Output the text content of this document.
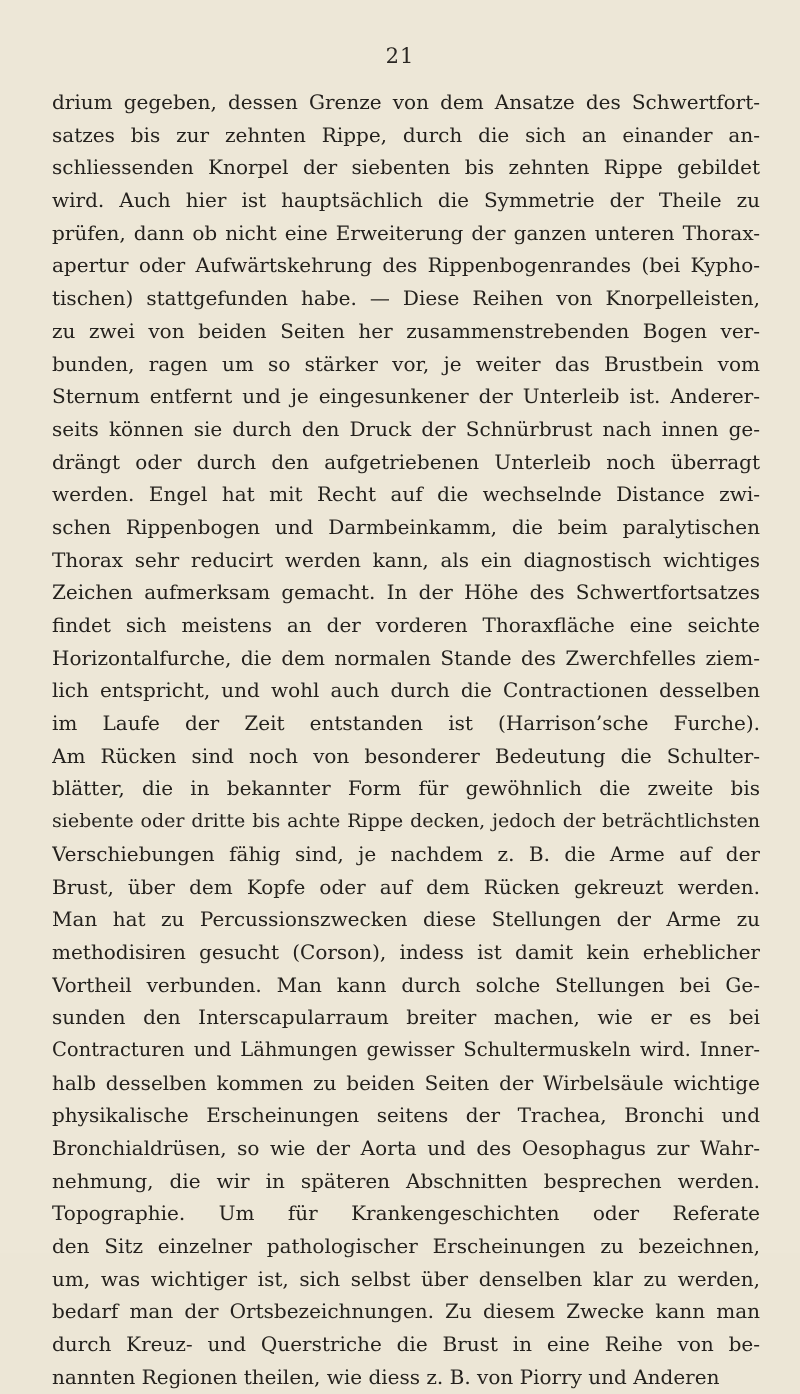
21
drium gegeben, dessen Grenze von dem Ansatze des Schwertfort-
satzes bis zur zehnten Rippe, durch die sich an einander an-
schliessenden Knorpel der siebenten bis zehnten Rippe gebildet
wird. Auch hier ist hauptsächlich die Symmetrie der Theile zu
prüfen, dann ob nicht eine Erweiterung der ganzen unteren Thorax-
apertur oder Aufwärtskehrung des Rippenbogenrandes (bei Kypho-
tischen) stattgefunden habe. — Diese Reihen von Knorpelleisten,
zu zwei von beiden Seiten her zusammenstrebenden Bogen ver-
bunden, ragen um so stärker vor, je weiter das Brustbein vom
Sternum entfernt und je eingesunkener der Unterleib ist. Anderer-
seits können sie durch den Druck der Schnürbrust nach innen ge-
drängt oder durch den aufgetriebenen Unterleib noch überragt
werden. Engel hat mit Recht auf die wechselnde Distance zwi-
schen Rippenbogen und Darmbeinkamm, die beim paralytischen
Thorax sehr reducirt werden kann, als ein diagnostisch wichtiges
Zeichen aufmerksam gemacht. In der Höhe des Schwertfortsatzes
findet sich meistens an der vorderen Thoraxfläche eine seichte
Horizontalfurche, die dem normalen Stande des Zwerchfelles ziem-
lich entspricht, und wohl auch durch die Contractionen desselben
im Laufe der Zeit entstanden ist (Harrison’sche Furche).
Am Rücken sind noch von besonderer Bedeutung die Schulter-
blätter, die in bekannter Form für gewöhnlich die zweite bis
siebente oder dritte bis achte Rippe decken, jedoch der beträchtlichsten
Verschiebungen fähig sind, je nachdem z. B. die Arme auf der
Brust, über dem Kopfe oder auf dem Rücken gekreuzt werden.
Man hat zu Percussionszwecken diese Stellungen der Arme zu
methodisiren gesucht (Corson), indess ist damit kein erheblicher
Vortheil verbunden. Man kann durch solche Stellungen bei Ge-
sunden den Interscapularraum breiter machen, wie er es bei
Contracturen und Lähmungen gewisser Schultermuskeln wird. Inner-
halb desselben kommen zu beiden Seiten der Wirbelsäule wichtige
physikalische Erscheinungen seitens der Trachea, Bronchi und
Bronchialdrüsen, so wie der Aorta und des Oesophagus zur Wahr-
nehmung, die wir in späteren Abschnitten besprechen werden.
Topographie. Um für Krankengeschichten oder Referate
den Sitz einzelner pathologischer Erscheinungen zu bezeichnen,
um, was wichtiger ist, sich selbst über denselben klar zu werden,
bedarf man der Ortsbezeichnungen. Zu diesem Zwecke kann man
durch Kreuz- und Querstriche die Brust in eine Reihe von be-
nannten Regionen theilen, wie diess z. B. von Piorry und Anderen
